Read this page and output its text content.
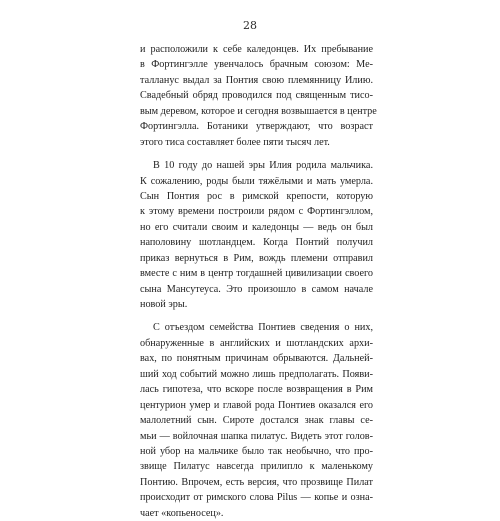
28
и расположили к себе каледонцев. Их пребывание
в Фортингэлле увенчалось брачным союзом: Ме-
талланус выдал за Понтия свою племянницу Илию.
Свадебный обряд проводился под священным тисо-
вым деревом, которое и сегодня возвышается в центре
Фортингэлла. Ботаники утверждают, что возраст
этого тиса составляет более пяти тысяч лет.
В 10 году до нашей эры Илия родила мальчика.
К сожалению, роды были тяжёлыми и мать умерла.
Сын Понтия рос в римской крепости, которую
к этому времени построили рядом с Фортингэллом,
но его считали своим и каледонцы — ведь он был
наполовину шотландцем. Когда Понтий получил
приказ вернуться в Рим, вождь племени отправил
вместе с ним в центр тогдашней цивилизации своего
сына Мансутеуса. Это произошло в самом начале
новой эры.
С отъездом семейства Понтиев сведения о них,
обнаруженные в английских и шотландских архи-
вах, по понятным причинам обрываются. Дальней-
ший ход событий можно лишь предполагать. Появи-
лась гипотеза, что вскоре после возвращения в Рим
центурион умер и главой рода Понтиев оказался его
малолетний сын. Сироте достался знак главы се-
мьи — войлочная шапка пилатус. Видеть этот голов-
ной убор на мальчике было так необычно, что про-
звище Пилатус навсегда прилипло к маленькому
Понтию. Впрочем, есть версия, что прозвище Пилат
происходит от римского слова Pilus — копье и озна-
чает «копьеносец».
